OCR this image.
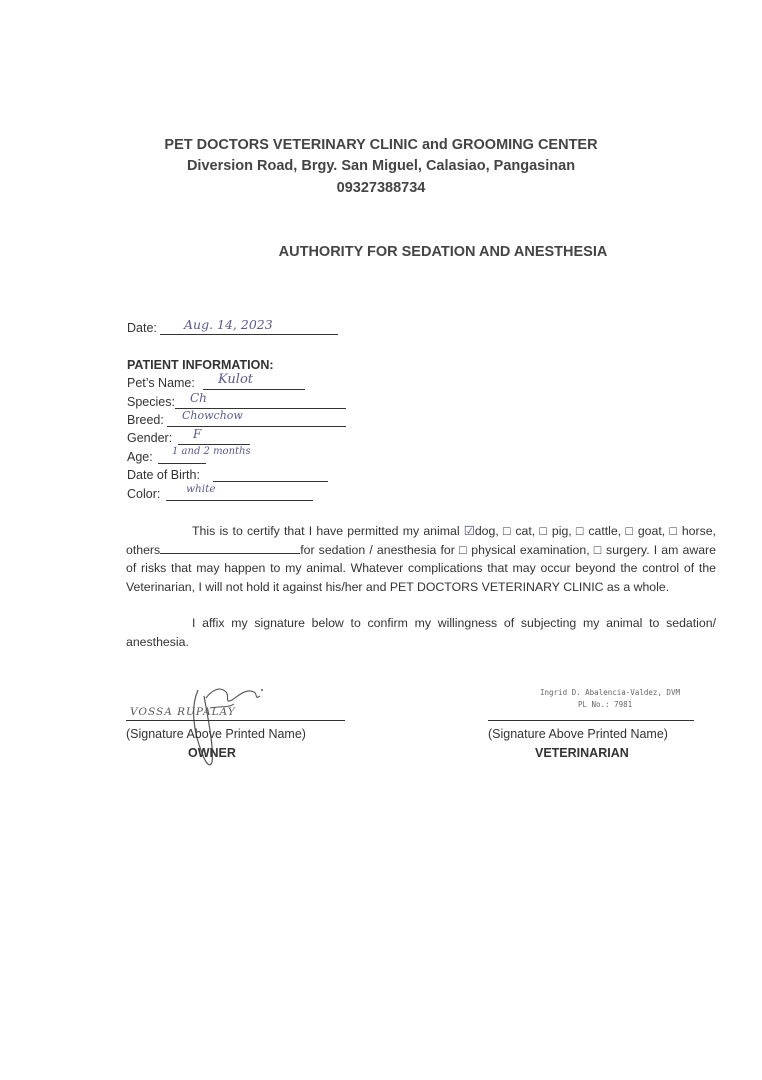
PET DOCTORS VETERINARY CLINIC and GROOMING CENTER
Diversion Road, Brgy. San Miguel, Calasiao, Pangasinan
09327388734
AUTHORITY FOR SEDATION AND ANESTHESIA
Date: Aug. 14, 2023
PATIENT INFORMATION:
Pet’s Name: Kulot
Species: Ch
Breed: Chowchow
Gender: F
Age: 1 and 2 months
Date of Birth:
Color: white
This is to certify that I have permitted my animal ☑dog, □ cat, □ pig, □ cattle, □ goat, □ horse, others	for sedation / anesthesia for □ physical examination, □ surgery. I am aware of risks that may happen to my animal. Whatever complications that may occur beyond the control of the Veterinarian, I will not hold it against his/her and PET DOCTORS VETERINARY CLINIC as a whole.
I affix my signature below to confirm my willingness of subjecting my animal to sedation/ anesthesia.
VOSSA RUPALAY
(Signature Above Printed Name)
OWNER
Ingrid D. Abalencia-Valdez, DVM
PL No.: 7981
(Signature Above Printed Name)
VETERINARIAN
